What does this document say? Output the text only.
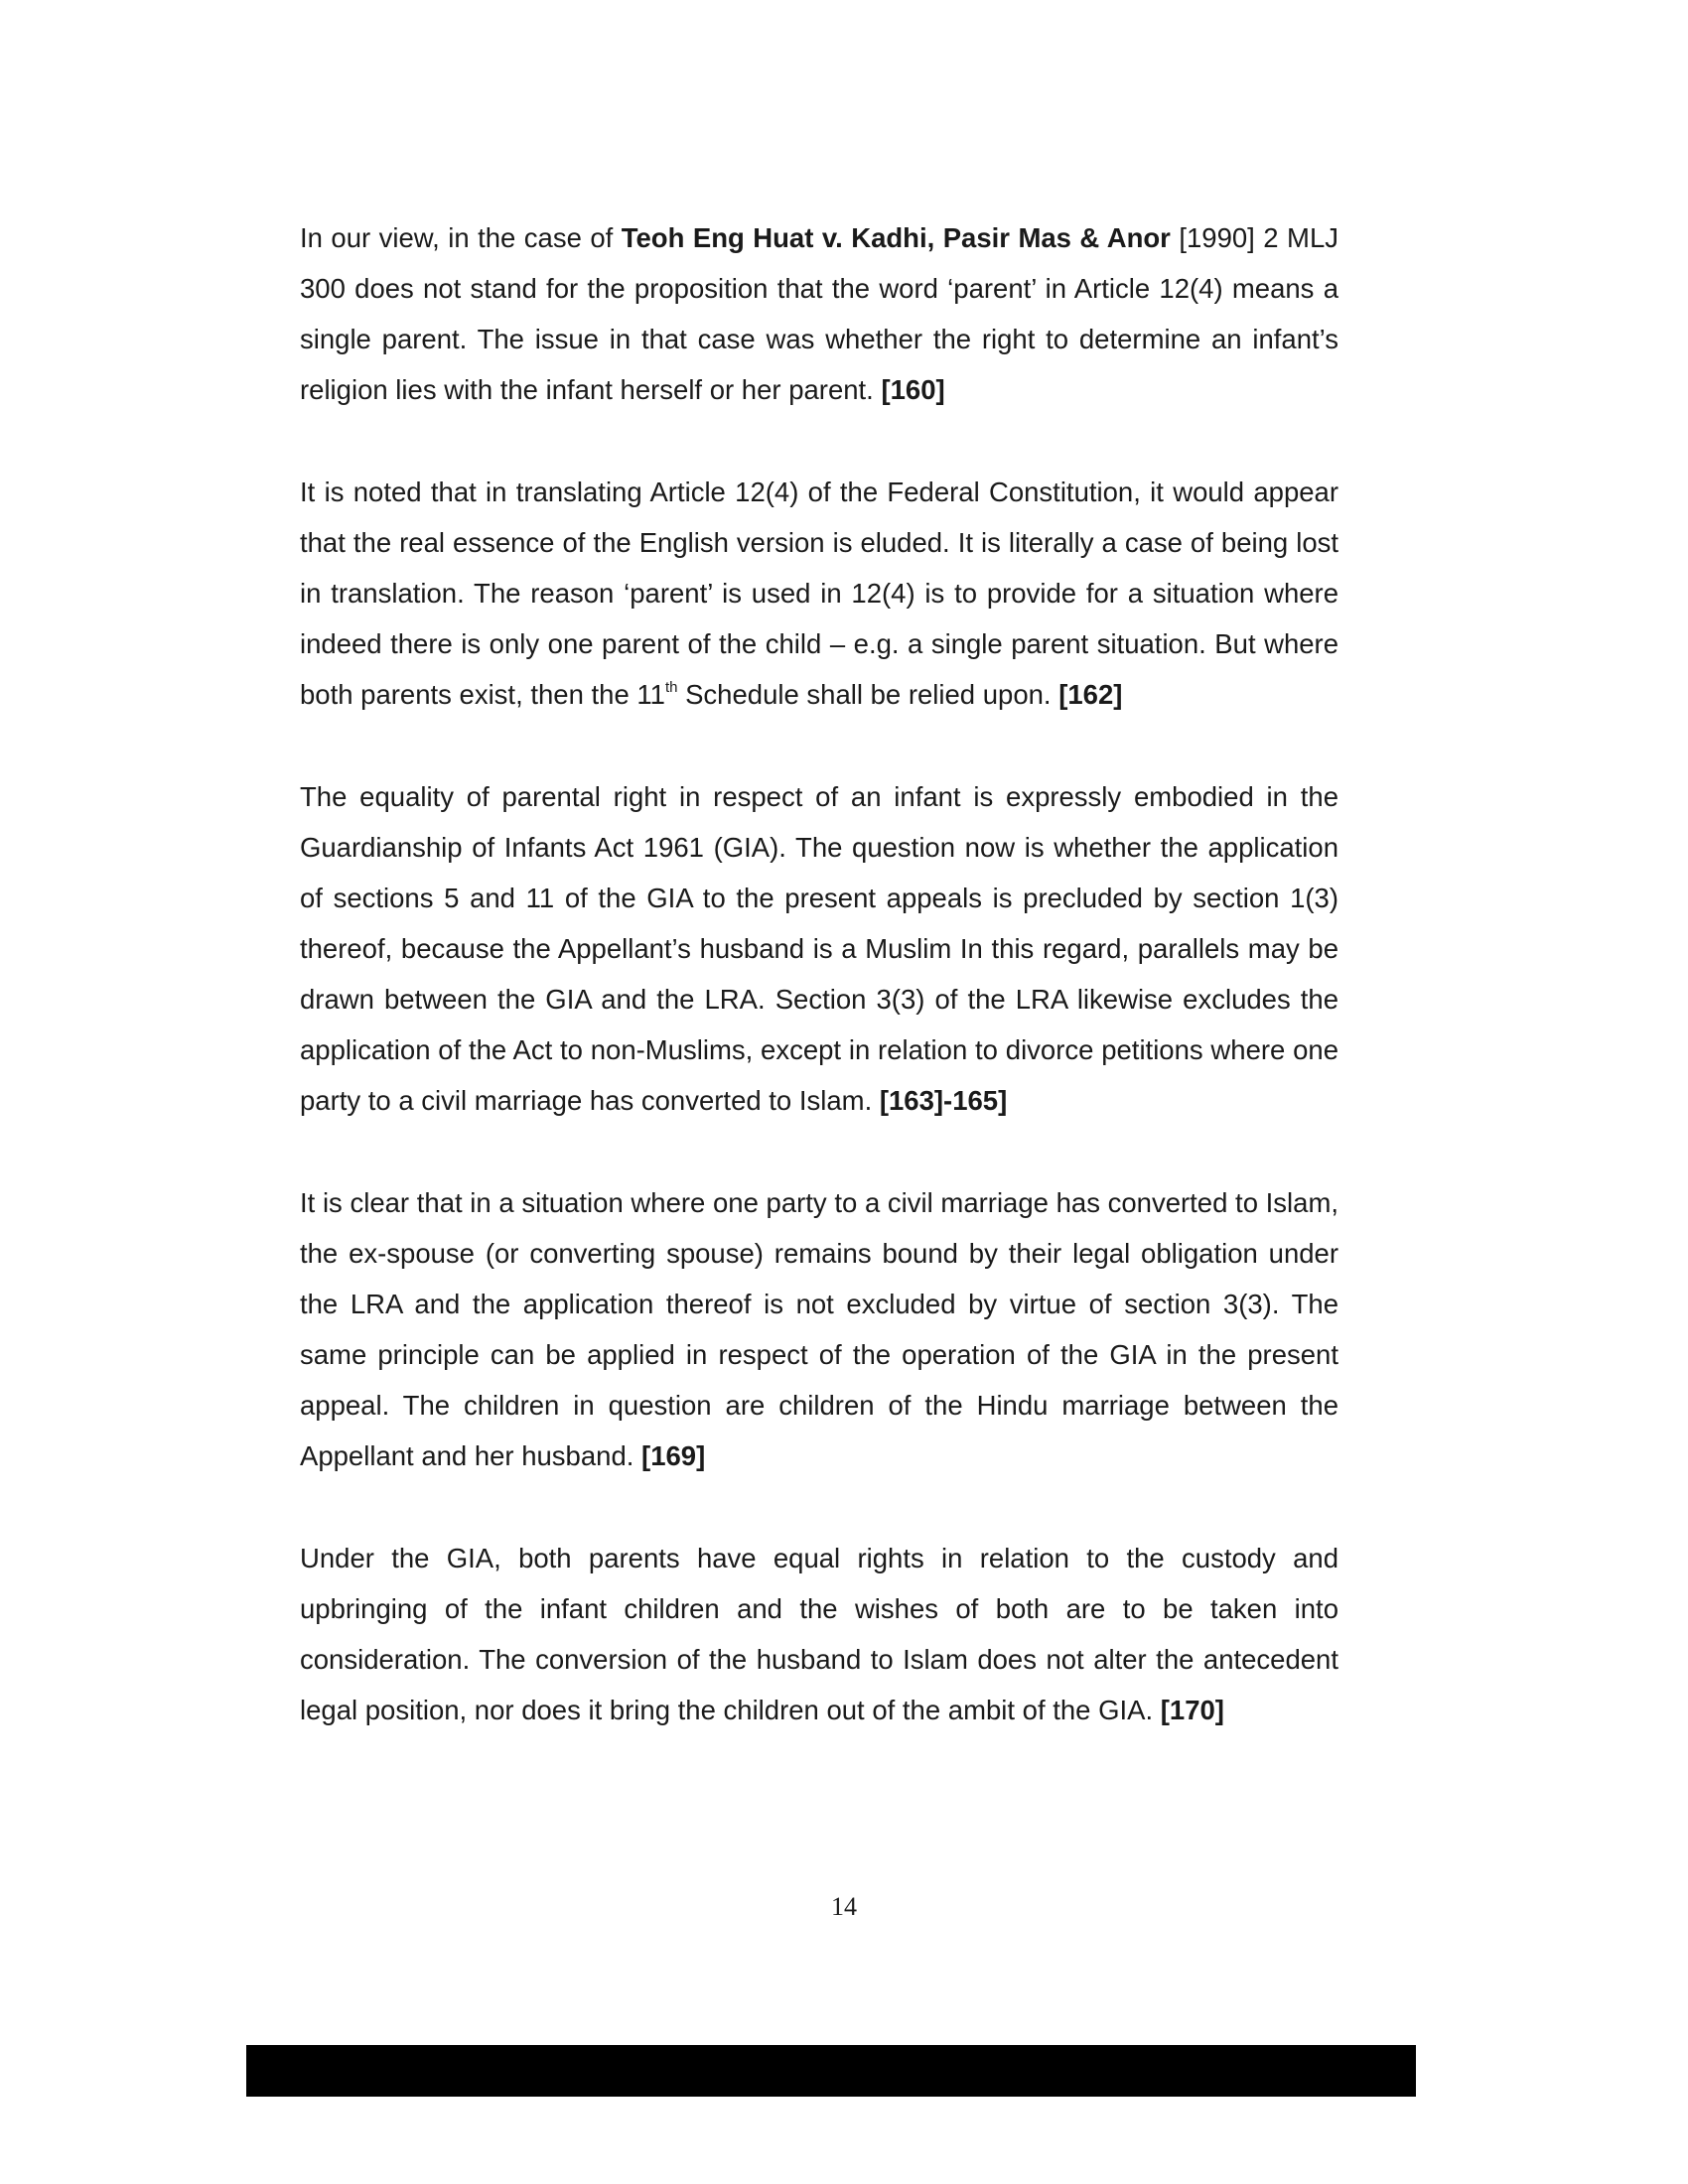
In our view, in the case of Teoh Eng Huat v. Kadhi, Pasir Mas & Anor [1990] 2 MLJ 300 does not stand for the proposition that the word ‘parent’ in Article 12(4) means a single parent. The issue in that case was whether the right to determine an infant’s religion lies with the infant herself or her parent. [160]

It is noted that in translating Article 12(4) of the Federal Constitution, it would appear that the real essence of the English version is eluded. It is literally a case of being lost in translation. The reason ‘parent’ is used in 12(4) is to provide for a situation where indeed there is only one parent of the child – e.g. a single parent situation. But where both parents exist, then the 11th Schedule shall be relied upon. [162]

The equality of parental right in respect of an infant is expressly embodied in the Guardianship of Infants Act 1961 (GIA). The question now is whether the application of sections 5 and 11 of the GIA to the present appeals is precluded by section 1(3) thereof, because the Appellant’s husband is a Muslim In this regard, parallels may be drawn between the GIA and the LRA. Section 3(3) of the LRA likewise excludes the application of the Act to non-Muslims, except in relation to divorce petitions where one party to a civil marriage has converted to Islam. [163]-165]

It is clear that in a situation where one party to a civil marriage has converted to Islam, the ex-spouse (or converting spouse) remains bound by their legal obligation under the LRA and the application thereof is not excluded by virtue of section 3(3). The same principle can be applied in respect of the operation of the GIA in the present appeal. The children in question are children of the Hindu marriage between the Appellant and her husband. [169]

Under the GIA, both parents have equal rights in relation to the custody and upbringing of the infant children and the wishes of both are to be taken into consideration. The conversion of the husband to Islam does not alter the antecedent legal position, nor does it bring the children out of the ambit of the GIA. [170]

14
